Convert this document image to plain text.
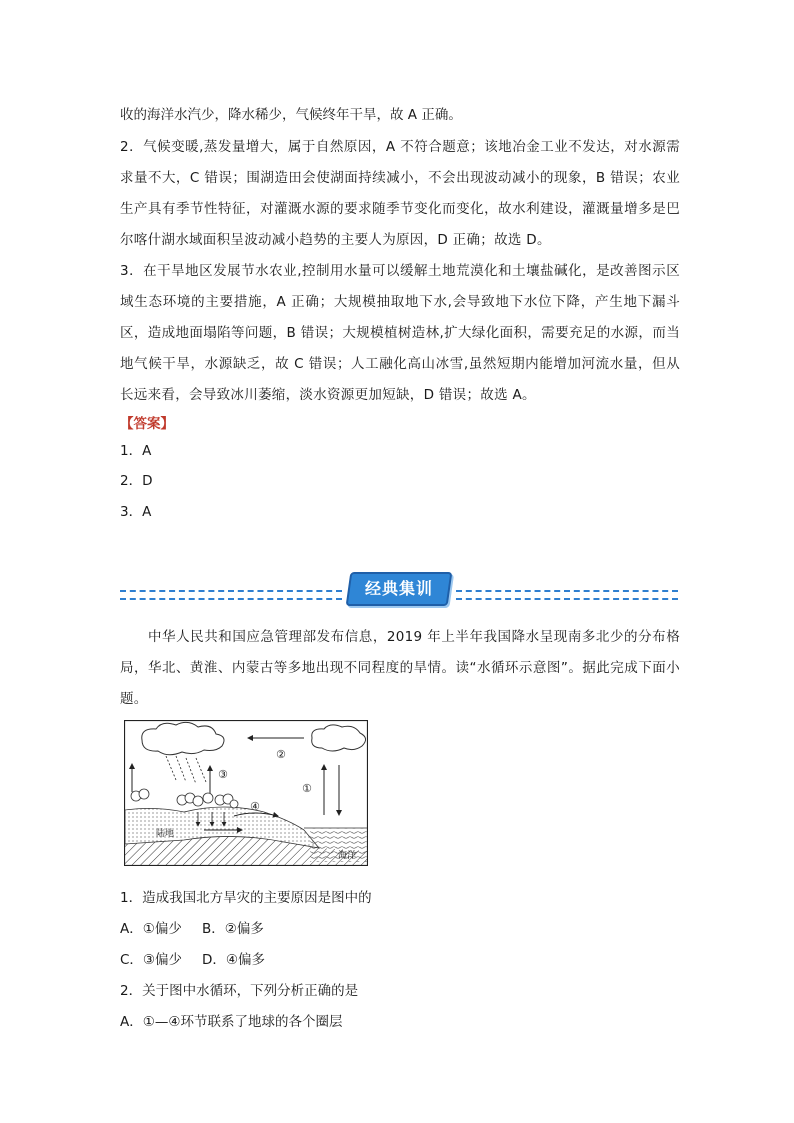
收的海洋水汽少，降水稀少，气候终年干旱，故 A 正确。

2．气候变暖,蒸发量增大，属于自然原因，A 不符合题意；该地冶金工业不发达，对水源需求量不大，C 错误；围湖造田会使湖面持续减小，不会出现波动减小的现象，B 错误；农业生产具有季节性特征，对灌溉水源的要求随季节变化而变化，故水利建设，灌溉量增多是巴尔喀什湖水域面积呈波动减小趋势的主要人为原因，D 正确；故选 D。

3．在干旱地区发展节水农业,控制用水量可以缓解土地荒漠化和土壤盐碱化，是改善图示区域生态环境的主要措施，A 正确；大规模抽取地下水,会导致地下水位下降，产生地下漏斗区，造成地面塌陷等问题，B 错误；大规模植树造林,扩大绿化面积，需要充足的水源，而当地气候干旱，水源缺乏，故 C 错误；人工融化高山冰雪,虽然短期内能增加河流水量，但从长远来看，会导致冰川萎缩，淡水资源更加短缺，D 错误；故选 A。

【答案】
1．A
2．D
3．A
经典集训

中华人民共和国应急管理部发布信息，2019 年上半年我国降水呈现南多北少的分布格局，华北、黄淮、内蒙古等多地出现不同程度的旱情。读“水循环示意图”。据此完成下面小题。

②
①
③
④
陆地
海洋
1．造成我国北方旱灾的主要原因是图中的
A．①偏少 B．②偏多
C．③偏少 D．④偏多
2．关于图中水循环，下列分析正确的是
A．①—④环节联系了地球的各个圈层
